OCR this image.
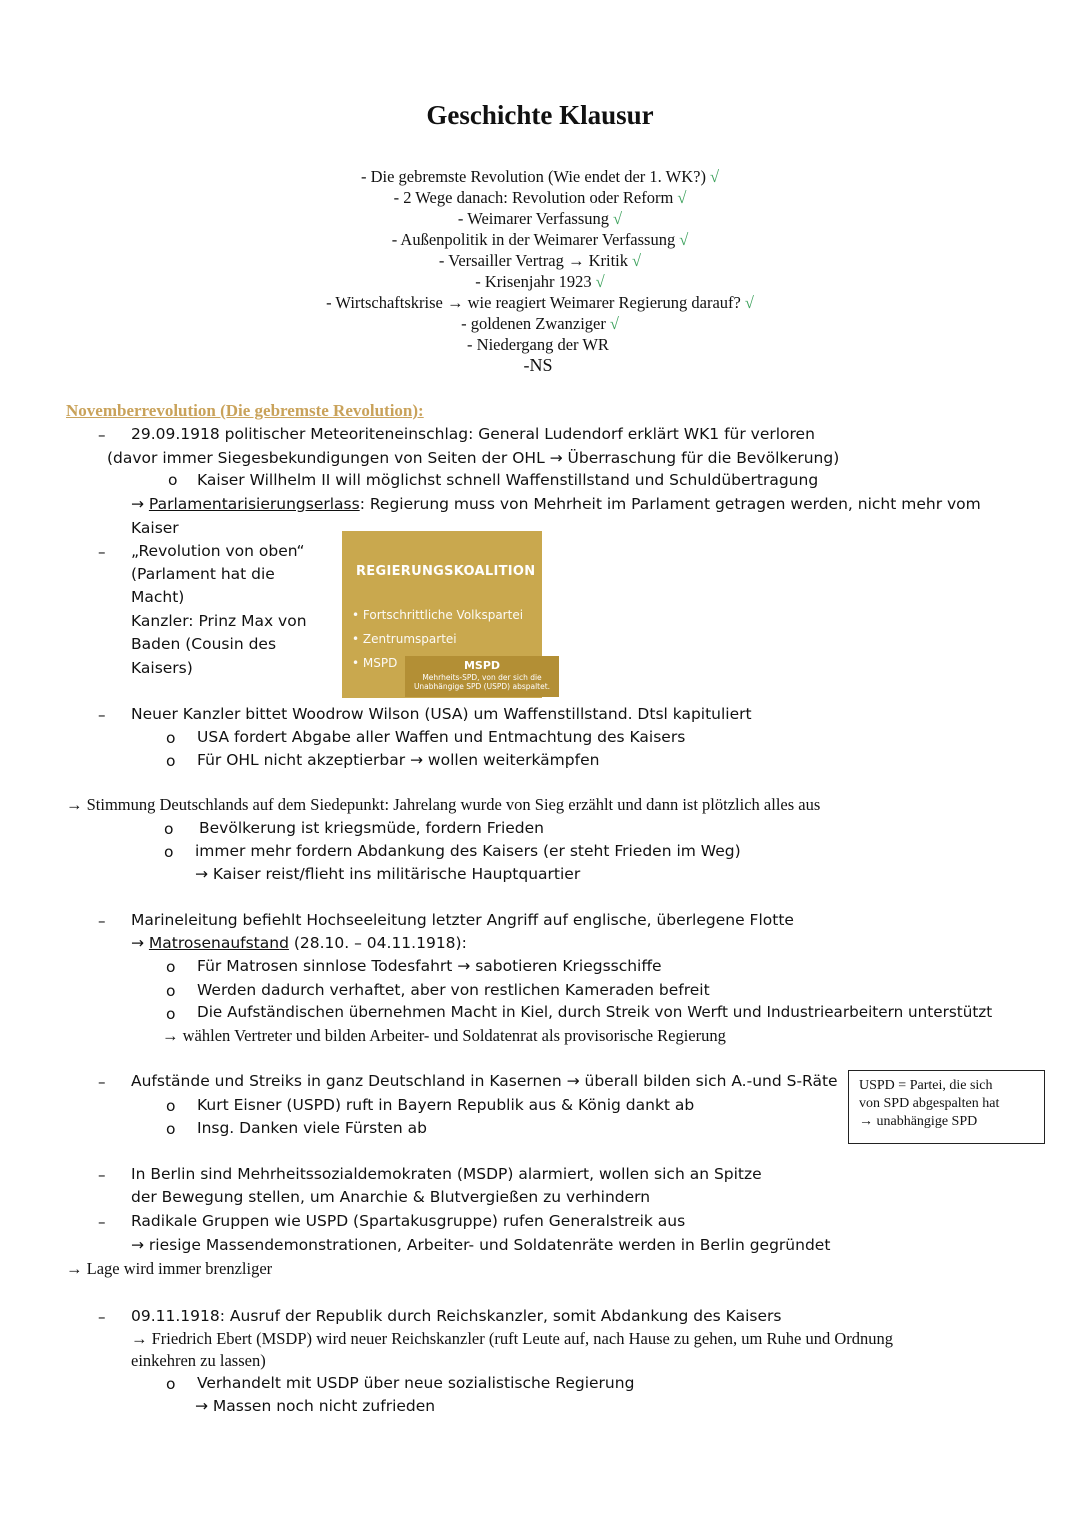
Geschichte Klausur
- Die gebremste Revolution (Wie endet der 1. WK?) √
- 2 Wege danach: Revolution oder Reform √
- Weimarer Verfassung √
- Außenpolitik in der Weimarer Verfassung √
- Versailler Vertrag → Kritik √
- Krisenjahr 1923 √
- Wirtschaftskrise → wie reagiert Weimarer Regierung darauf? √
- goldenen Zwanziger √
- Niedergang der WR
-NS
Novemberrevolution (Die gebremste Revolution):
– 29.09.1918 politischer Meteoriteneinschlag: General Ludendorf erklärt WK1 für verloren
(davor immer Siegesbekundigungen von Seiten der OHL → Überraschung für die Bevölkerung)
o Kaiser Willhelm II will möglichst schnell Waffenstillstand und Schuldübertragung
→ Parlamentarisierungserlass: Regierung muss von Mehrheit im Parlament getragen werden, nicht mehr vom
Kaiser
– „Revolution von oben“
(Parlament hat die
Macht)
Kanzler: Prinz Max von
Baden (Cousin des
Kaisers)
REGIERUNGSKOALITION
• Fortschrittliche Volkspartei
• Zentrumspartei
• MSPD	MSPD
Mehrheits-SPD, von der sich die
Unabhängige SPD (USPD) abspaltet.
– Neuer Kanzler bittet Woodrow Wilson (USA) um Waffenstillstand. Dtsl kapituliert
o USA fordert Abgabe aller Waffen und Entmachtung des Kaisers
o Für OHL nicht akzeptierbar → wollen weiterkämpfen
→ Stimmung Deutschlands auf dem Siedepunkt: Jahrelang wurde von Sieg erzählt und dann ist plötzlich alles aus
o Bevölkerung ist kriegsmüde, fordern Frieden
o immer mehr fordern Abdankung des Kaisers (er steht Frieden im Weg)
→ Kaiser reist/flieht ins militärische Hauptquartier
– Marineleitung befiehlt Hochseeleitung letzter Angriff auf englische, überlegene Flotte
→ Matrosenaufstand (28.10. – 04.11.1918):
o Für Matrosen sinnlose Todesfahrt → sabotieren Kriegsschiffe
o Werden dadurch verhaftet, aber von restlichen Kameraden befreit
o Die Aufständischen übernehmen Macht in Kiel, durch Streik von Werft und Industriearbeitern unterstützt
→ wählen Vertreter und bilden Arbeiter- und Soldatenrat als provisorische Regierung
– Aufstände und Streiks in ganz Deutschland in Kasernen → überall bilden sich A.-und S-Räte
o Kurt Eisner (USPD) ruft in Bayern Republik aus & König dankt ab
o Insg. Danken viele Fürsten ab
USPD = Partei, die sich
von SPD abgespalten hat
→ unabhängige SPD
– In Berlin sind Mehrheitssozialdemokraten (MSDP) alarmiert, wollen sich an Spitze
der Bewegung stellen, um Anarchie & Blutvergießen zu verhindern
– Radikale Gruppen wie USPD (Spartakusgruppe) rufen Generalstreik aus
→ riesige Massendemonstrationen, Arbeiter- und Soldatenräte werden in Berlin gegründet
→ Lage wird immer brenzliger
– 09.11.1918: Ausruf der Republik durch Reichskanzler, somit Abdankung des Kaisers
→ Friedrich Ebert (MSDP) wird neuer Reichskanzler (ruft Leute auf, nach Hause zu gehen, um Ruhe und Ordnung
einkehren zu lassen)
o Verhandelt mit USDP über neue sozialistische Regierung
→ Massen noch nicht zufrieden
